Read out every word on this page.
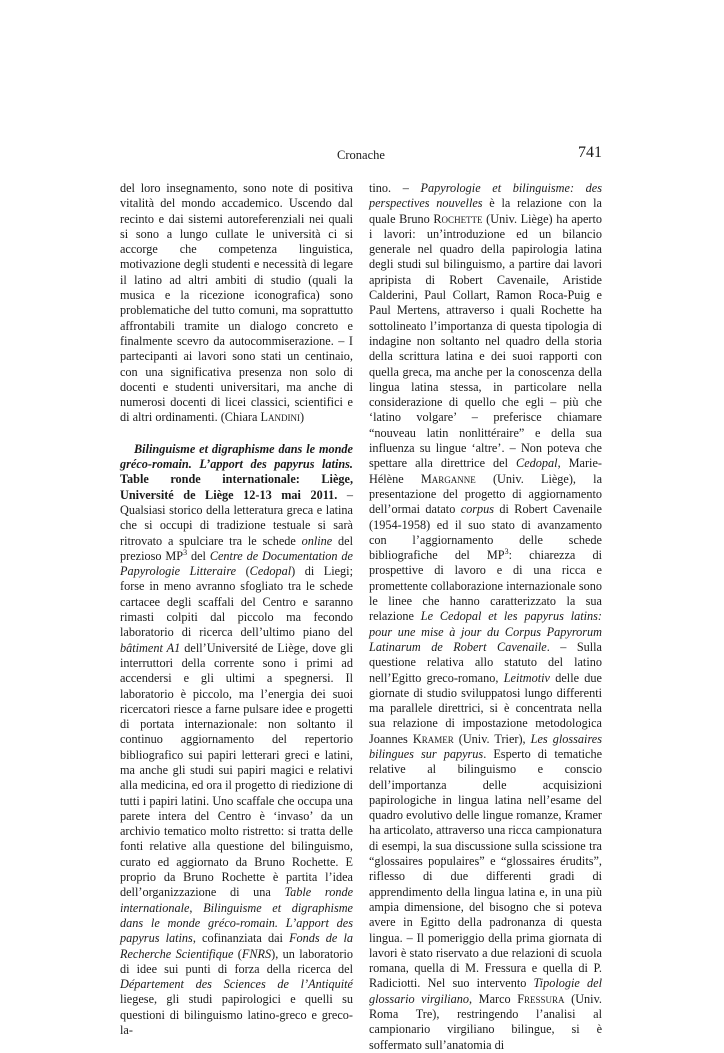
Cronache	741

del loro insegnamento, sono note di positiva vitalità del mondo accademico. Uscendo dal recinto e dai sistemi autoreferenziali nei quali si sono a lungo cullate le università ci si accorge che competenza linguistica, motivazione degli studenti e necessità di legare il latino ad altri ambiti di studio (quali la musica e la ricezione iconografica) sono problematiche del tutto comuni, ma soprattutto affrontabili tramite un dialogo concreto e finalmente scevro da autocommiserazione. – I partecipanti ai lavori sono stati un centinaio, con una significativa presenza non solo di docenti e studenti universitari, ma anche di numerosi docenti di licei classici, scientifici e di altri ordinamenti. (Chiara Landini)

Bilinguisme et digraphisme dans le monde gréco-romain. L’apport des papyrus latins. Table ronde internationale: Liège, Université de Liège 12-13 mai 2011. – Qualsiasi storico della letteratura greca e latina che si occupi di tradizione testuale si sarà ritrovato a spulciare tra le schede online del prezioso $MP^3$ del Centre de Documentation de Papyrologie Litteraire (Cedopal) di Liegi; forse in meno avranno sfogliato tra le schede cartacee degli scaffali del Centro e saranno rimasti colpiti dal piccolo ma fecondo laboratorio di ricerca dell’ultimo piano del bâtiment A1 dell’Université de Liège, dove gli interruttori della corrente sono i primi ad accendersi e gli ultimi a spegnersi. Il laboratorio è piccolo, ma l’energia dei suoi ricercatori riesce a farne pulsare idee e progetti di portata internazionale: non soltanto il continuo aggiornamento del repertorio bibliografico sui papiri letterari greci e latini, ma anche gli studi sui papiri magici e relativi alla medicina, ed ora il progetto di riedizione di tutti i papiri latini. Uno scaffale che occupa una parete intera del Centro è ‘invaso’ da un archivio tematico molto ristretto: si tratta delle fonti relative alla questione del bilinguismo, curato ed aggiornato da Bruno Rochette. E proprio da Bruno Rochette è partita l’idea dell’organizzazione di una Table ronde internationale, Bilinguisme et digraphisme dans le monde gréco-romain. L’apport des papyrus latins, cofinanziata dai Fonds de la Recherche Scientifique (FNRS), un laboratorio di idee sui punti di forza della ricerca del Département des Sciences de l’Antiquité liegese, gli studi papirologici e quelli su questioni di bilinguismo latino-greco e greco-la-

tino. – Papyrologie et bilinguisme: des perspectives nouvelles è la relazione con la quale Bruno Rochette (Univ. Liège) ha aperto i lavori: un’introduzione ed un bilancio generale nel quadro della papirologia latina degli studi sul bilinguismo, a partire dai lavori apripista di Robert Cavenaile, Aristide Calderini, Paul Collart, Ramon Roca-Puig e Paul Mertens, attraverso i quali Rochette ha sottolineato l’importanza di questa tipologia di indagine non soltanto nel quadro della storia della scrittura latina e dei suoi rapporti con quella greca, ma anche per la conoscenza della lingua latina stessa, in particolare nella considerazione di quello che egli – più che ‘latino volgare’ – preferisce chiamare “nouveau latin nonlittéraire” e della sua influenza su lingue ‘altre’. – Non poteva che spettare alla direttrice del Cedopal, Marie-Hélène Marganne (Univ. Liège), la presentazione del progetto di aggiornamento dell’ormai datato corpus di Robert Cavenaile (1954-1958) ed il suo stato di avanzamento con l’aggiornamento delle schede bibliografiche del $MP^3$: chiarezza di prospettive di lavoro e di una ricca e promettente collaborazione internazionale sono le linee che hanno caratterizzato la sua relazione Le Cedopal et les papyrus latins: pour une mise à jour du Corpus Papyrorum Latinarum de Robert Cavenaile. – Sulla questione relativa allo statuto del latino nell’Egitto greco-romano, Leitmotiv delle due giornate di studio sviluppatosi lungo differenti ma parallele direttrici, si è concentrata nella sua relazione di impostazione metodologica Joannes Kramer (Univ. Trier), Les glossaires bilingues sur papyrus. Esperto di tematiche relative al bilinguismo e conscio dell’importanza delle acquisizioni papirologiche in lingua latina nell’esame del quadro evolutivo delle lingue romanze, Kramer ha articolato, attraverso una ricca campionatura di esempi, la sua discussione sulla scissione tra “glossaires populaires” e “glossaires érudits”, riflesso di due differenti gradi di apprendimento della lingua latina e, in una più ampia dimensione, del bisogno che si poteva avere in Egitto della padronanza di questa lingua. – Il pomeriggio della prima giornata di lavori è stato riservato a due relazioni di scuola romana, quella di M. Fressura e quella di P. Radiciotti. Nel suo intervento Tipologie del glossario virgiliano, Marco Fressura (Univ. Roma Tre), restringendo l’analisi al campionario virgiliano bilingue, si è soffermato sull’anatomia di
